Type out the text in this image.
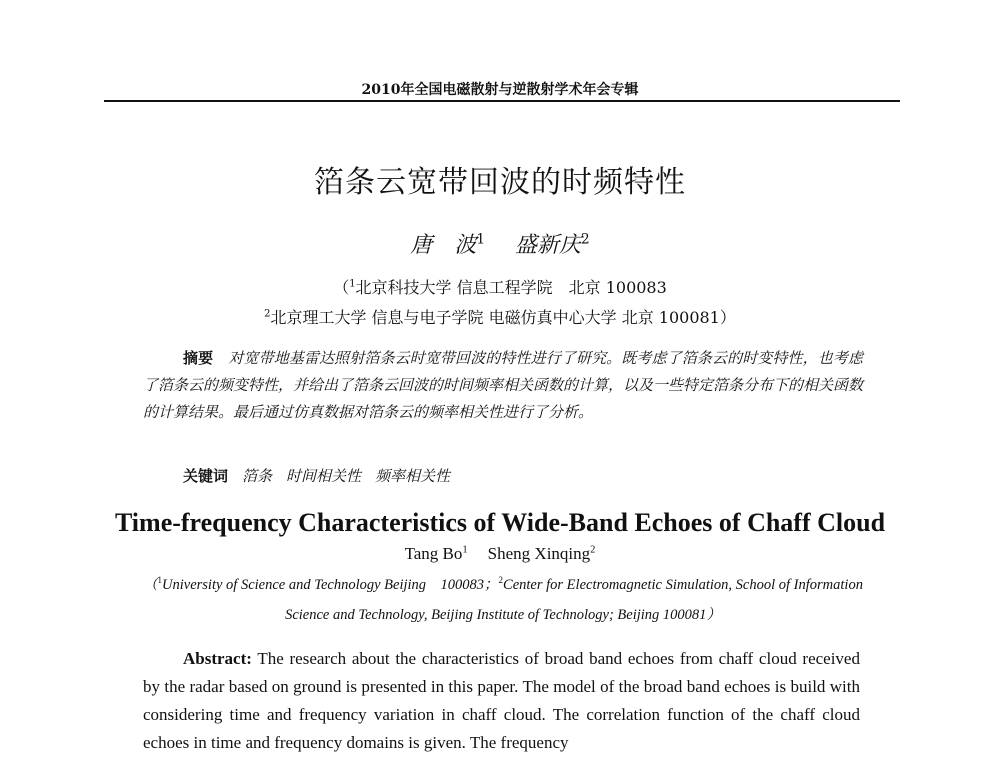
2010年全国电磁散射与逆散射学术年会专辑
箔条云宽带回波的时频特性
唐　波$^1$ 盛新庆$^2$
（$^1$北京科技大学 信息工程学院　北京 100083
$^2$北京理工大学 信息与电子学院 电磁仿真中心大学 北京 100081）
摘要　 对宽带地基雷达照射箔条云时宽带回波的特性进行了研究。既考虑了箔条云的时变特性，也考虑了箔条云的频变特性，并给出了箔条云回波的时间频率相关函数的计算，以及一些特定箔条分布下的相关函数的计算结果。最后通过仿真数据对箔条云的频率相关性进行了分析。
关键词 箔条 时间相关性 频率相关性
Time-frequency Characteristics of Wide-Band Echoes of Chaff Cloud
Tang Bo$^1$ Sheng Xinqing$^2$
（$^1$University of Science and Technology Beijing　100083；$^2$Center for Electromagnetic Simulation, School of Information Science and Technology, Beijing Institute of Technology; Beijing 100081）
Abstract: The research about the characteristics of broad band echoes from chaff cloud received by the radar based on ground is presented in this paper. The model of the broad band echoes is build with considering time and frequency variation in chaff cloud. The correlation function of the chaff cloud echoes in time and frequency domains is given. The frequency
